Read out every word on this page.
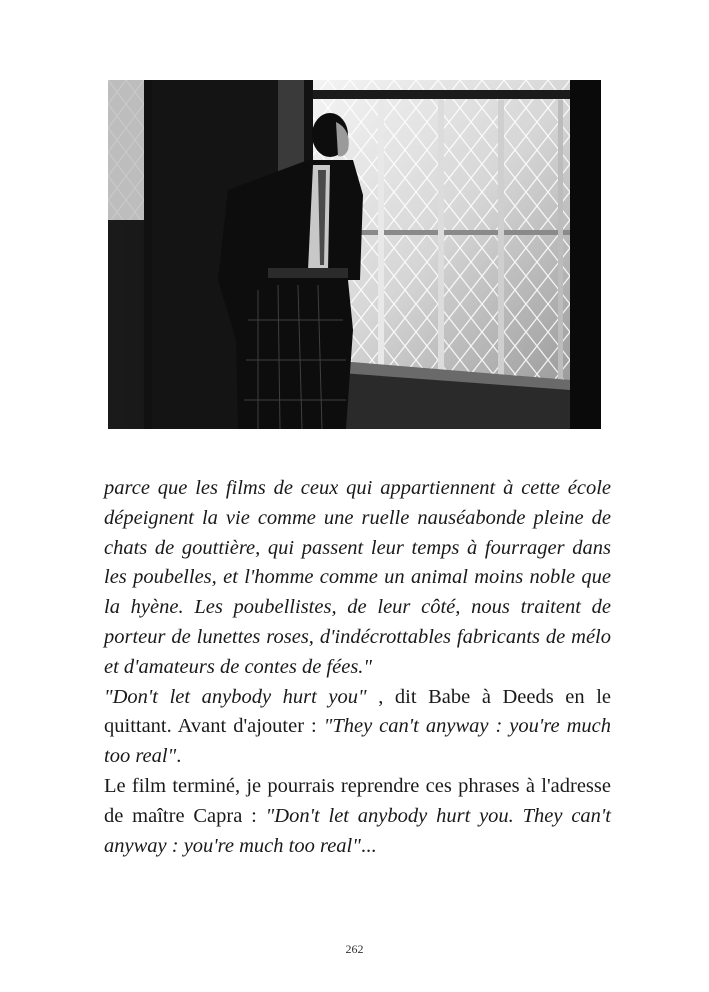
parce que les films de ceux qui appartiennent à cette école dépeignent la vie comme une ruelle nauséabonde pleine de chats de gouttière, qui passent leur temps à fourrager dans les poubelles, et l'homme comme un animal moins noble que la hyène. Les poubellistes, de leur côté, nous traitent de porteur de lunettes roses, d'indécrottables fabricants de mélo et d'amateurs de contes de fées."

"Don't let anybody hurt you" , dit Babe à Deeds en le quittant. Avant d'ajouter : "They can't anyway : you're much too real".

Le film terminé, je pourrais reprendre ces phrases à l'adresse de maître Capra : "Don't let anybody hurt you. They can't anyway : you're much too real"...

262
